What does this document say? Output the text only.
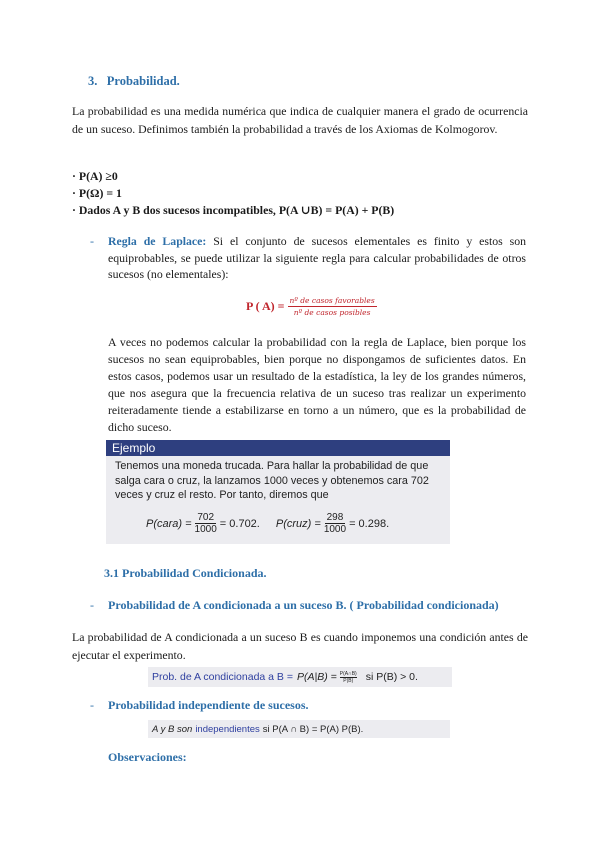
3. Probabilidad.
La probabilidad es una medida numérica que indica de cualquier manera el grado de ocurrencia de un suceso. Definimos también la probabilidad a través de los Axiomas de Kolmogorov.
· P(A) ≥0
· P(Ω) = 1
· Dados A y B dos sucesos incompatibles, P(A ∪B) = P(A) + P(B)
- Regla de Laplace: Si el conjunto de sucesos elementales es finito y estos son equiprobables, se puede utilizar la siguiente regla para calcular probabilidades de otros sucesos (no elementales):
P ( $A) = \frac{\text{nº de casos favorables}}{\text{nº de casos posibles}}$
A veces no podemos calcular la probabilidad con la regla de Laplace, bien porque los sucesos no sean equiprobables, bien porque no dispongamos de suficientes datos. En estos casos, podemos usar un resultado de la estadística, la ley de los grandes números, que nos asegura que la frecuencia relativa de un suceso tras realizar un experimento reiteradamente tiende a estabilizarse en torno a un número, que es la probabilidad de dicho suceso.
Ejemplo
Tenemos una moneda trucada. Para hallar la probabilidad de que salga cara o cruz, la lanzamos 1000 veces y obtenemos cara 702 veces y cruz el resto. Por tanto, diremos que
P(cara) = $\frac{702}{1000} = 0.702$. P(cruz) = $\frac{298}{1000} = 0.298$.
3.1 Probabilidad Condicionada.
- Probabilidad de A condicionada a un suceso B. ( Probabilidad condicionada)
La probabilidad de A condicionada a un suceso B es cuando imponemos una condición antes de ejecutar el experimento.
Prob. de A condicionada a $B = P(A|B) = \frac{P(A\cap B)}{P(B)}$ si P(B) > 0.
- Probabilidad independiente de sucesos.
A y B son independientes si P(A ∩ B) = P(A) P(B).
Observaciones:
